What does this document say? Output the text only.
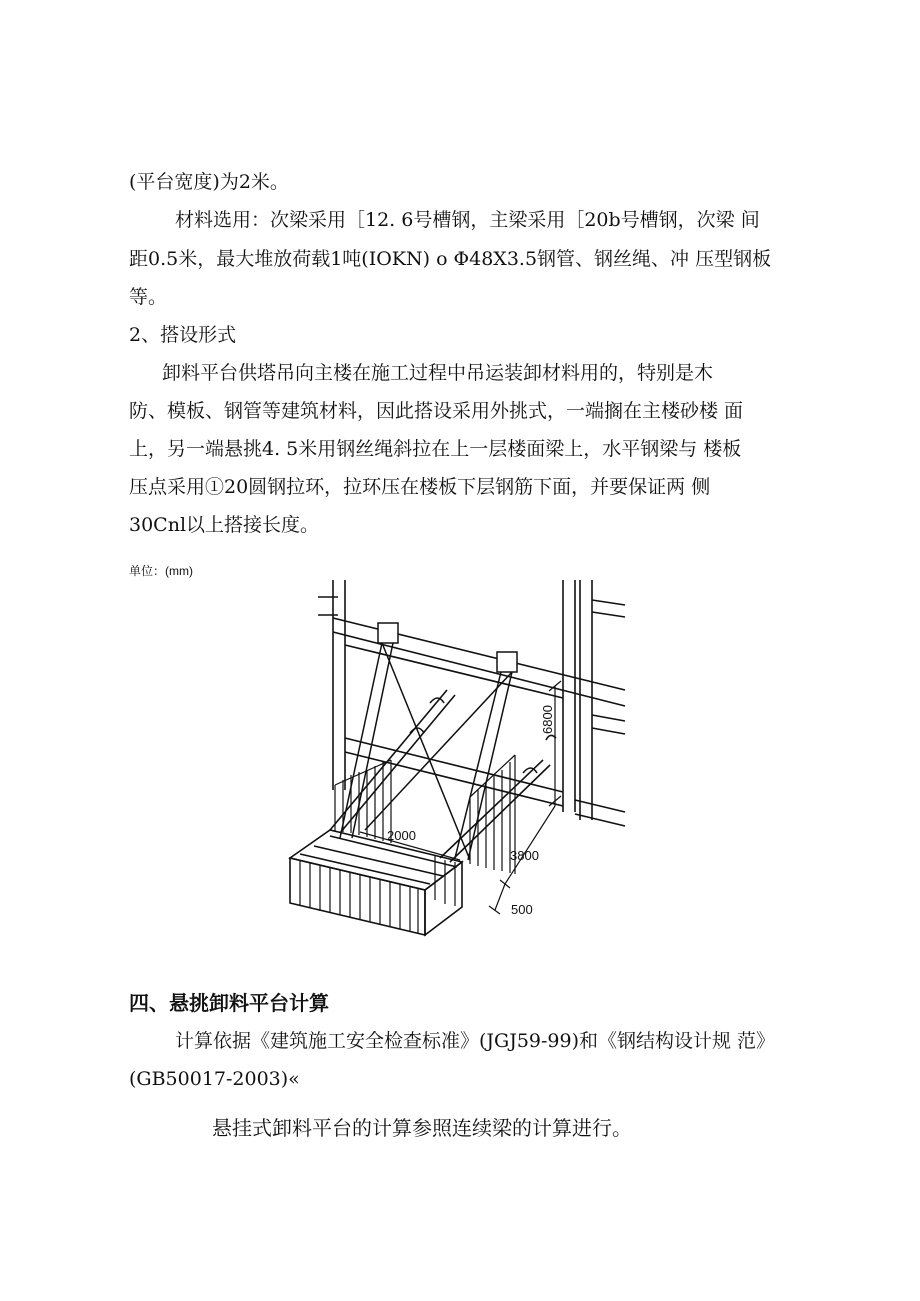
(平台宽度)为2米。
材料选用：次梁采用［12. 6号槽钢，主梁采用［20b号槽钢，次梁 间
距0.5米，最大堆放荷载1吨(IOKN) o Φ48X3.5钢管、钢丝绳、冲 压型钢板
等。
2、搭设形式
卸料平台供塔吊向主楼在施工过程中吊运装卸材料用的，特别是木
防、模板、钢管等建筑材料，因此搭设采用外挑式，一端搁在主楼砂楼 面
上，另一端悬挑4. 5米用钢丝绳斜拉在上一层楼面梁上，水平钢梁与 楼板
压点采用①20圆钢拉环，拉环压在楼板下层钢筋下面，并要保证两 侧
30Cnl以上搭接长度。
单位：(mm)
6800
2000
3800
500
四、悬挑卸料平台计算
计算依据《建筑施工安全检查标准》(JGJ59-99)和《钢结构设计规 范》
(GB50017-2003)«
悬挂式卸料平台的计算参照连续梁的计算进行。
